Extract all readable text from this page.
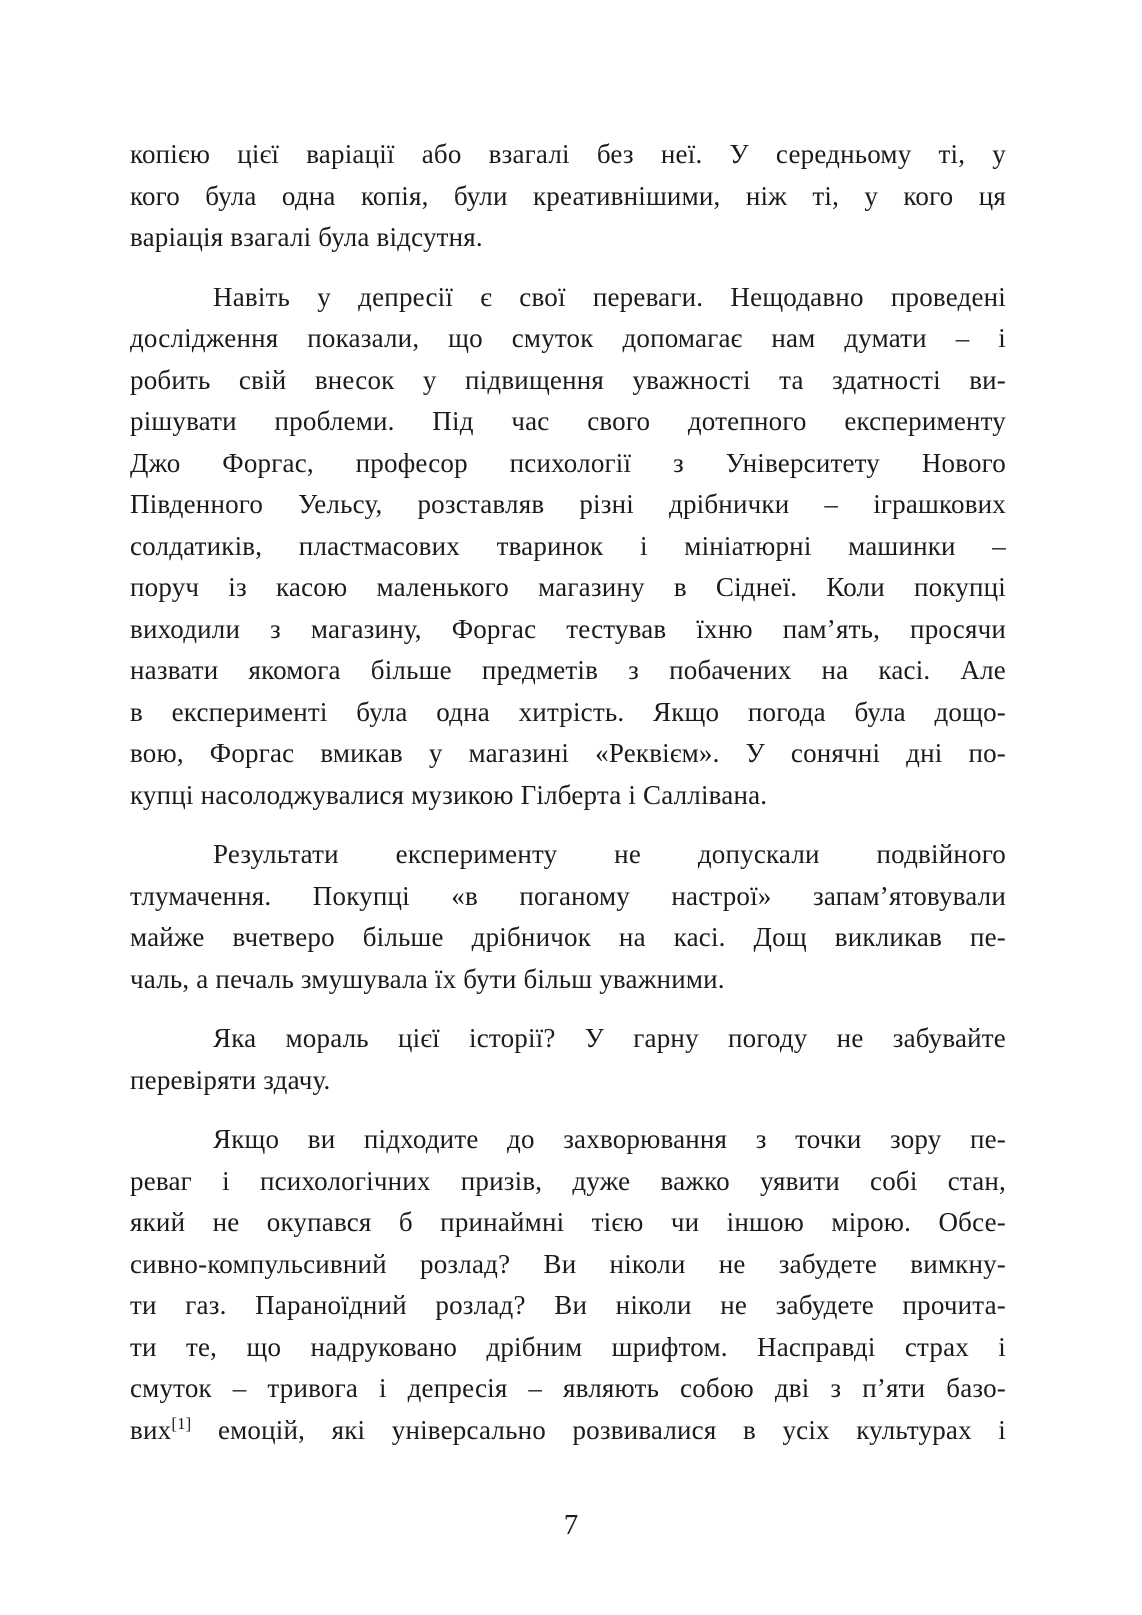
копією цієї варіації або взагалі без неї. У середньому ті, у
кого була одна копія, були креативнішими, ніж ті, у кого ця
варіація взагалі була відсутня.
Навіть у депресії є свої переваги. Нещодавно проведені
дослідження показали, що смуток допомагає нам думати – і
робить свій внесок у підвищення уважності та здатності ви-
рішувати проблеми. Під час свого дотепного експерименту
Джо Форгас, професор психології з Університету Нового
Південного Уельсу, розставляв різні дрібнички – іграшкових
солдатиків, пластмасових тваринок і мініатюрні машинки –
поруч із касою маленького магазину в Сіднеї. Коли покупці
виходили з магазину, Форгас тестував їхню пам’ять, просячи
назвати якомога більше предметів з побачених на касі. Але
в експерименті була одна хитрість. Якщо погода була дощо-
вою, Форгас вмикав у магазині «Реквієм». У сонячні дні по-
купці насолоджувалися музикою Гілберта і Саллівана.
Результати експерименту не допускали подвійного
тлумачення. Покупці «в поганому настрої» запам’ятовували
майже вчетверо більше дрібничок на касі. Дощ викликав пе-
чаль, а печаль змушувала їх бути більш уважними.
Яка мораль цієї історії? У гарну погоду не забувайте
перевіряти здачу.
Якщо ви підходите до захворювання з точки зору пе-
реваг і психологічних призів, дуже важко уявити собі стан,
який не окупався б принаймні тією чи іншою мірою. Обсе-
сивно-компульсивний розлад? Ви ніколи не забудете вимкну-
ти газ. Параноїдний розлад? Ви ніколи не забудете прочита-
ти те, що надруковано дрібним шрифтом. Насправді страх і
смуток – тривога і депресія – являють собою дві з п’яти базо-
вих[1] емоцій, які універсально розвивалися в усіх культурах і
7
